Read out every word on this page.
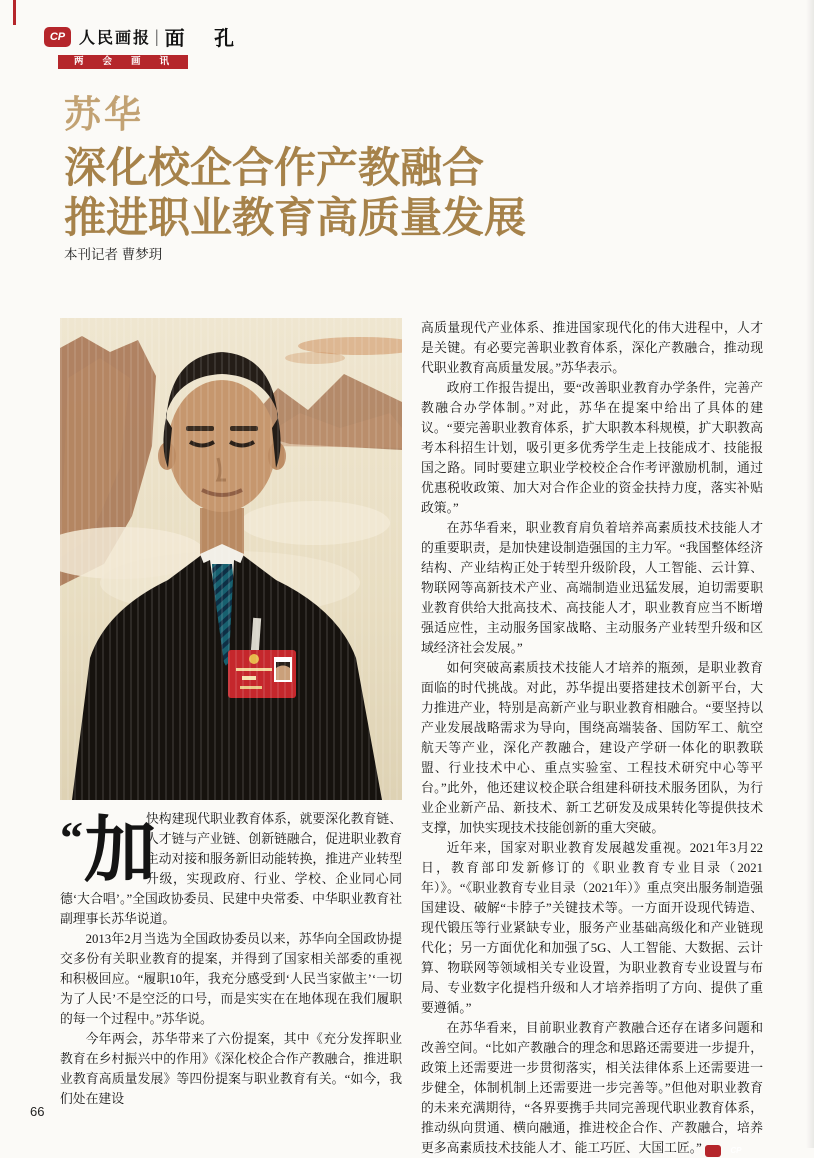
CP 人民画报 | 面 孔
两会画讯
苏华
深化校企合作产教融合
推进职业教育高质量发展
本刊记者 曹梦玥

“ 加
快构建现代职业教育体系，就要深化教育链、人才链与产业链、创新链融合，促进职业教育主动对接和服务新旧动能转换，推进产业转型升级，实现政府、行业、学校、企业同心同德‘大合唱’。”全国政协委员、民建中央常委、中华职业教育社副理事长苏华说道。

2013年2月当选为全国政协委员以来，苏华向全国政协提交多份有关职业教育的提案，并得到了国家相关部委的重视和积极回应。“履职10年，我充分感受到‘人民当家做主’‘一切为了人民’不是空泛的口号，而是实实在在地体现在我们履职的每一个过程中。”苏华说。

今年两会，苏华带来了六份提案，其中《充分发挥职业教育在乡村振兴中的作用》《深化校企合作产教融合，推进职业教育高质量发展》等四份提案与职业教育有关。“如今，我们处在建设

高质量现代产业体系、推进国家现代化的伟大进程中，人才是关键。有必要完善职业教育体系，深化产教融合，推动现代职业教育高质量发展。”苏华表示。

政府工作报告提出，要“改善职业教育办学条件，完善产教融合办学体制。”对此，苏华在提案中给出了具体的建议。“要完善职业教育体系，扩大职教本科规模，扩大职教高考本科招生计划，吸引更多优秀学生走上技能成才、技能报国之路。同时要建立职业学校校企合作考评激励机制，通过优惠税收政策、加大对合作企业的资金扶持力度，落实补贴政策。”

在苏华看来，职业教育肩负着培养高素质技术技能人才的重要职责，是加快建设制造强国的主力军。“我国整体经济结构、产业结构正处于转型升级阶段，人工智能、云计算、物联网等高新技术产业、高端制造业迅猛发展，迫切需要职业教育供给大批高技术、高技能人才，职业教育应当不断增强适应性，主动服务国家战略、主动服务产业转型升级和区域经济社会发展。”

如何突破高素质技术技能人才培养的瓶颈，是职业教育面临的时代挑战。对此，苏华提出要搭建技术创新平台，大力推进产业，特别是高新产业与职业教育相融合。“要坚持以产业发展战略需求为导向，围绕高端装备、国防军工、航空航天等产业，深化产教融合，建设产学研一体化的职教联盟、行业技术中心、重点实验室、工程技术研究中心等平台。”此外，他还建议校企联合组建科研技术服务团队，为行业企业新产品、新技术、新工艺研发及成果转化等提供技术支撑，加快实现技术技能创新的重大突破。

近年来，国家对职业教育发展越发重视。2021年3月22日，教育部印发新修订的《职业教育专业目录（2021年）》。“《职业教育专业目录（2021年）》重点突出服务制造强国建设、破解“卡脖子”关键技术等。一方面开设现代铸造、现代锻压等行业紧缺专业，服务产业基础高级化和产业链现代化；另一方面优化和加强了5G、人工智能、大数据、云计算、物联网等领域相关专业设置，为职业教育专业设置与布局、专业数字化提档升级和人才培养指明了方向、提供了重要遵循。”

在苏华看来，目前职业教育产教融合还存在诸多问题和改善空间。“比如产教融合的理念和思路还需要进一步提升，政策上还需要进一步贯彻落实，相关法律体系上还需要进一步健全，体制机制上还需要进一步完善等。”但他对职业教育的未来充满期待，“各界要携手共同完善现代职业教育体系，推动纵向贯通、横向融通，推进校企合作、产教融合，培养更多高素质技术技能人才、能工巧匠、大国工匠。”	CP

66
